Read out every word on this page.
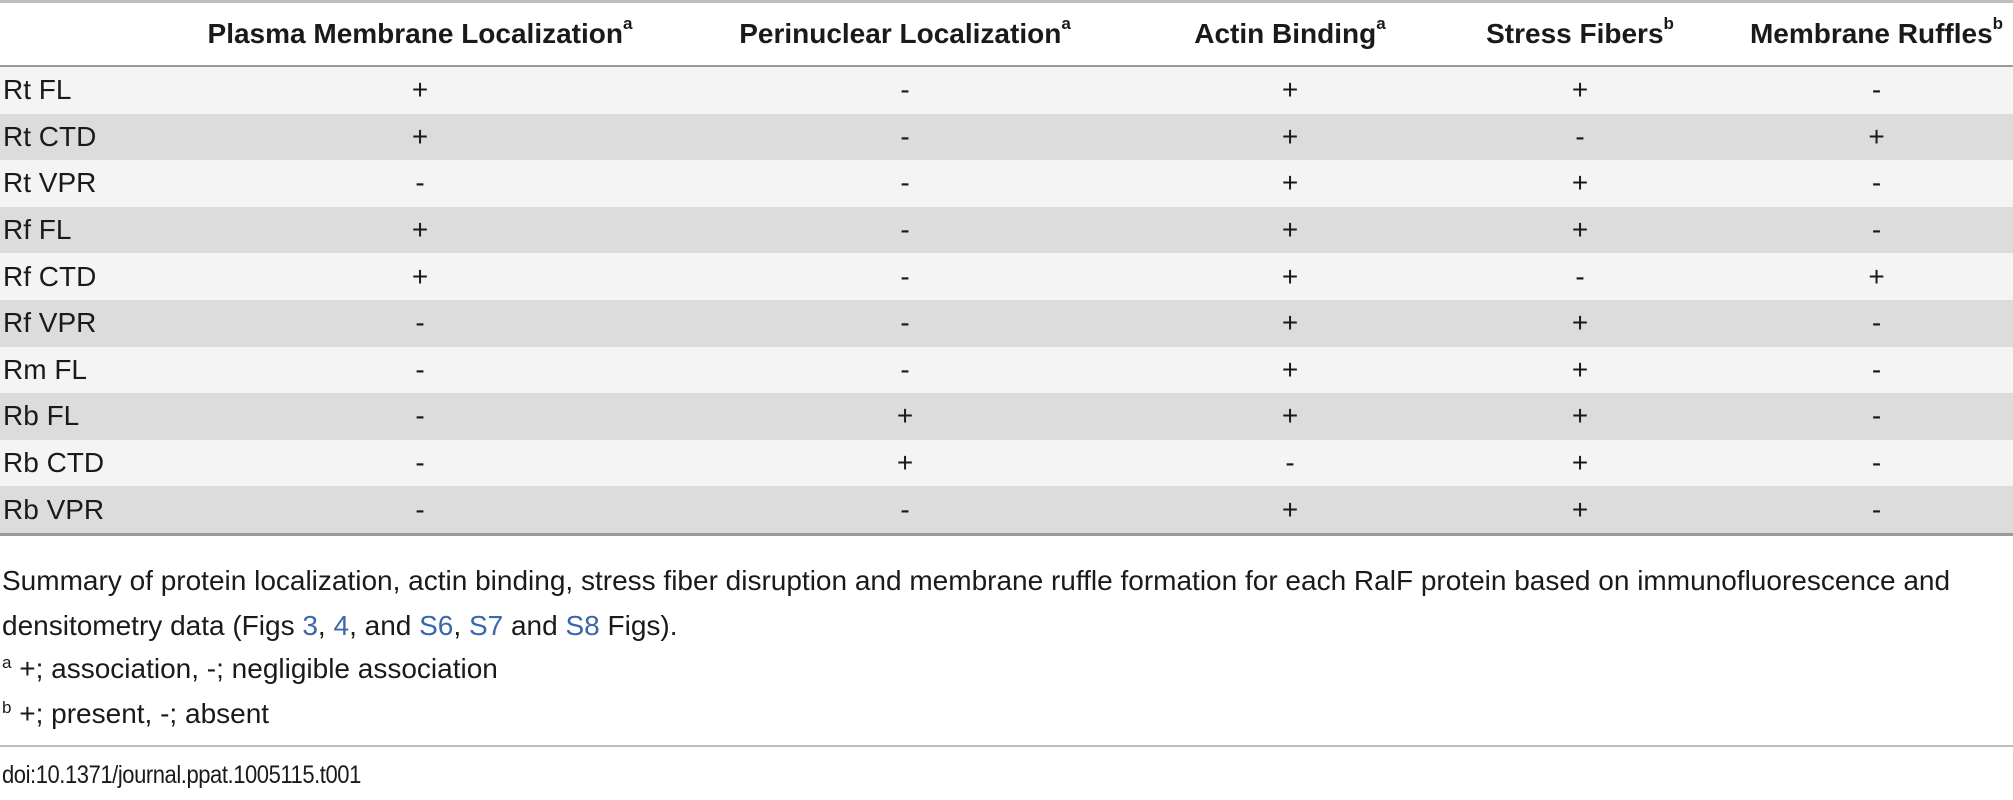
	Plasma Membrane Localization$^a$	Perinuclear Localization$^a$	Actin Binding$^a$	Stress Fibers$^b$	Membrane Ruffles$^b$
Rt FL	+	-	+	+	-
Rt CTD	+	-	+	-	+
Rt VPR	-	-	+	+	-
Rf FL	+	-	+	+	-
Rf CTD	+	-	+	-	+
Rf VPR	-	-	+	+	-
Rm FL	-	-	+	+	-
Rb FL	-	+	+	+	-
Rb CTD	-	+	-	+	-
Rb VPR	-	-	+	+	-
Summary of protein localization, actin binding, stress fiber disruption and membrane ruffle formation for each RalF protein based on immunofluorescence and densitometry data (Figs 3, 4, and S6, S7 and S8 Figs).
$^a$ +; association, -; negligible association
$^b$ +; present, -; absent
doi:10.1371/journal.ppat.1005115.t001
